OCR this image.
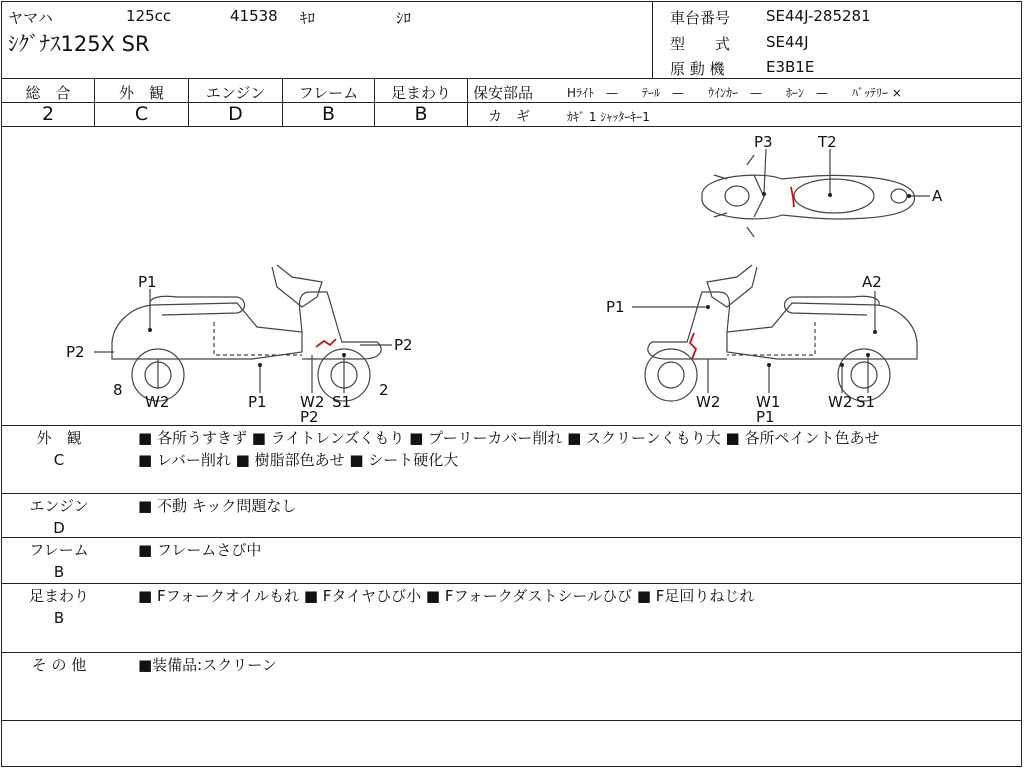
ヤマハ	125cc	41538 ｷﾛ	ｼﾛ
ｼｸﾞﾅｽ125X SR
車台番号 SE44J-285281
型　　式 SE44J
原 動 機	E3B1E
総　合
2
外　観
C
エンジン
D
フレーム
B
足まわり
B
保安部品	Hﾗｲﾄ　—　　ﾃｰﾙ　—　　ｳｲﾝｶｰ　—　　ﾎｰﾝ　—　　ﾊﾞｯﾃﾘｰ ×
カ　ギ	ｶｷﾞ 1 ｼｬｯﾀｰｷｰ1
P3	T2
A
P1
P2	P2
8	2
W2	P1 W2
P2
S1
P1
A2
W2 W1
P1
W2 S1
外　観
C
■ 各所うすきず ■ ライトレンズくもり ■ プーリーカバー削れ ■ スクリーンくもり大 ■ 各所ペイント色あせ
■ レバー削れ ■ 樹脂部色あせ ■ シート硬化大
エンジン
D
■ 不動 キック問題なし
フレーム
B
■ フレームさび中
足まわり
B
■ Fフォークオイルもれ ■ Fタイヤひび小 ■ Fフォークダストシールひび ■ F足回りねじれ
そ の 他	■装備品:スクリーン
